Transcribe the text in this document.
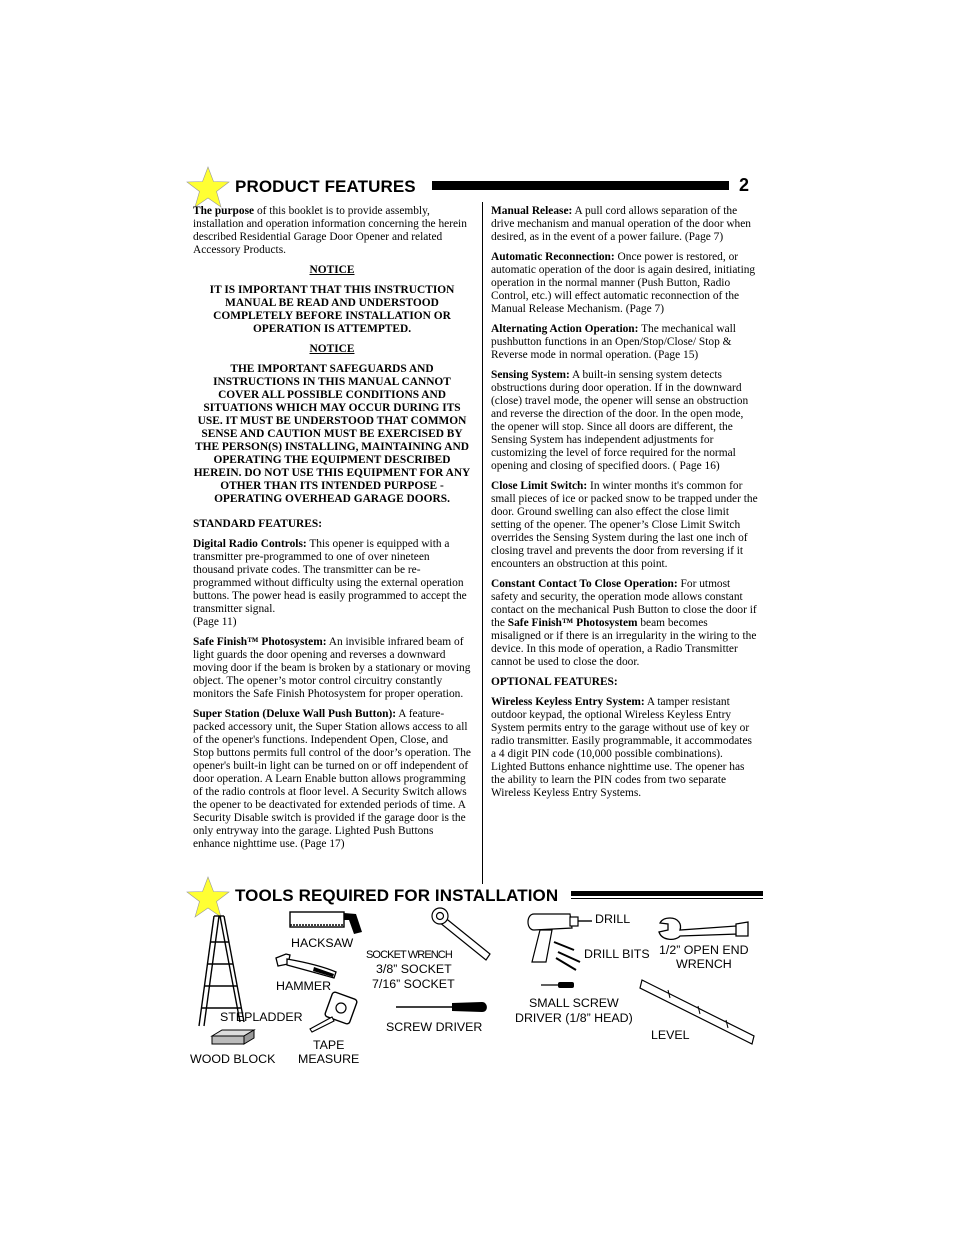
PRODUCT FEATURES	2

The purpose of this booklet is to provide assembly, installation and operation information concerning the herein described Residential Garage Door Opener and related Accessory Products.

NOTICE

IT IS IMPORTANT THAT THIS INSTRUCTION MANUAL BE READ AND UNDERSTOOD COMPLETELY BEFORE INSTALLATION OR OPERATION IS ATTEMPTED.

NOTICE

THE IMPORTANT SAFEGUARDS AND INSTRUCTIONS IN THIS MANUAL CANNOT COVER ALL POSSIBLE CONDITIONS AND SITUATIONS WHICH MAY OCCUR DURING ITS USE. IT MUST BE UNDERSTOOD THAT COMMON SENSE AND CAUTION MUST BE EXERCISED BY THE PERSON(S) INSTALLING, MAINTAINING AND OPERATING THE EQUIPMENT DESCRIBED HEREIN. DO NOT USE THIS EQUIPMENT FOR ANY OTHER THAN ITS INTENDED PURPOSE - OPERATING OVERHEAD GARAGE DOORS.

STANDARD FEATURES:

Digital Radio Controls: This opener is equipped with a transmitter pre-programmed to one of over nineteen thousand private codes. The transmitter can be re-programmed without difficulty using the external operation buttons. The power head is easily programmed to accept the transmitter signal.
(Page 11)

Safe Finish™ Photosystem: An invisible infrared beam of light guards the door opening and reverses a downward moving door if the beam is broken by a stationary or moving object. The opener’s motor control circuitry constantly monitors the Safe Finish Photosystem for proper operation.

Super Station (Deluxe Wall Push Button): A feature-packed accessory unit, the Super Station allows access to all of the opener's functions. Independent Open, Close, and Stop buttons permits full control of the door’s operation. The opener's built-in light can be turned on or off independent of door operation. A Learn Enable button allows programming of the radio controls at floor level. A Security Switch allows the opener to be deactivated for extended periods of time. A Security Disable switch is provided if the garage door is the only entryway into the garage. Lighted Push Buttons enhance nighttime use. (Page 17)

Manual Release: A pull cord allows separation of the drive mechanism and manual operation of the door when desired, as in the event of a power failure. (Page 7)

Automatic Reconnection: Once power is restored, or automatic operation of the door is again desired, initiating operation in the normal manner (Push Button, Radio Control, etc.) will effect automatic reconnection of the Manual Release Mechanism. (Page 7)

Alternating Action Operation: The mechanical wall pushbutton functions in an Open/Stop/Close/ Stop & Reverse mode in normal operation. (Page 15)

Sensing System: A built-in sensing system detects obstructions during door operation. If in the downward (close) travel mode, the opener will sense an obstruction and reverse the direction of the door. In the open mode, the opener will stop. Since all doors are different, the Sensing System has independent adjustments for customizing the level of force required for the normal opening and closing of specified doors. ( Page 16)

Close Limit Switch: In winter months it's common for small pieces of ice or packed snow to be trapped under the door. Ground swelling can also effect the close limit setting of the opener. The opener’s Close Limit Switch overrides the Sensing System during the last one inch of closing travel and prevents the door from reversing if it encounters an obstruction at this point.

Constant Contact To Close Operation: For utmost safety and security, the operation mode allows constant contact on the mechanical Push Button to close the door if the Safe Finish™ Photosystem beam becomes misaligned or if there is an irregularity in the wiring to the device. In this mode of operation, a Radio Transmitter cannot be used to close the door.

OPTIONAL FEATURES:

Wireless Keyless Entry System: A tamper resistant outdoor keypad, the optional Wireless Keyless Entry System permits entry to the garage without use of key or radio transmitter. Easily programmable, it accommodates a 4 digit PIN code (10,000 possible combinations). Lighted Buttons enhance nighttime use. The opener has the ability to learn the PIN codes from two separate Wireless Keyless Entry Systems.

TOOLS REQUIRED FOR INSTALLATION
HACKSAW
SOCKET WRENCH
3/8” SOCKET
7/16” SOCKET
HAMMER
STEPLADDER
SCREW DRIVER
TAPE
MEASURE
WOOD BLOCK
DRILL
DRILL BITS 1/2” OPEN END
WRENCH
SMALL SCREW
DRIVER (1/8” HEAD)
LEVEL
